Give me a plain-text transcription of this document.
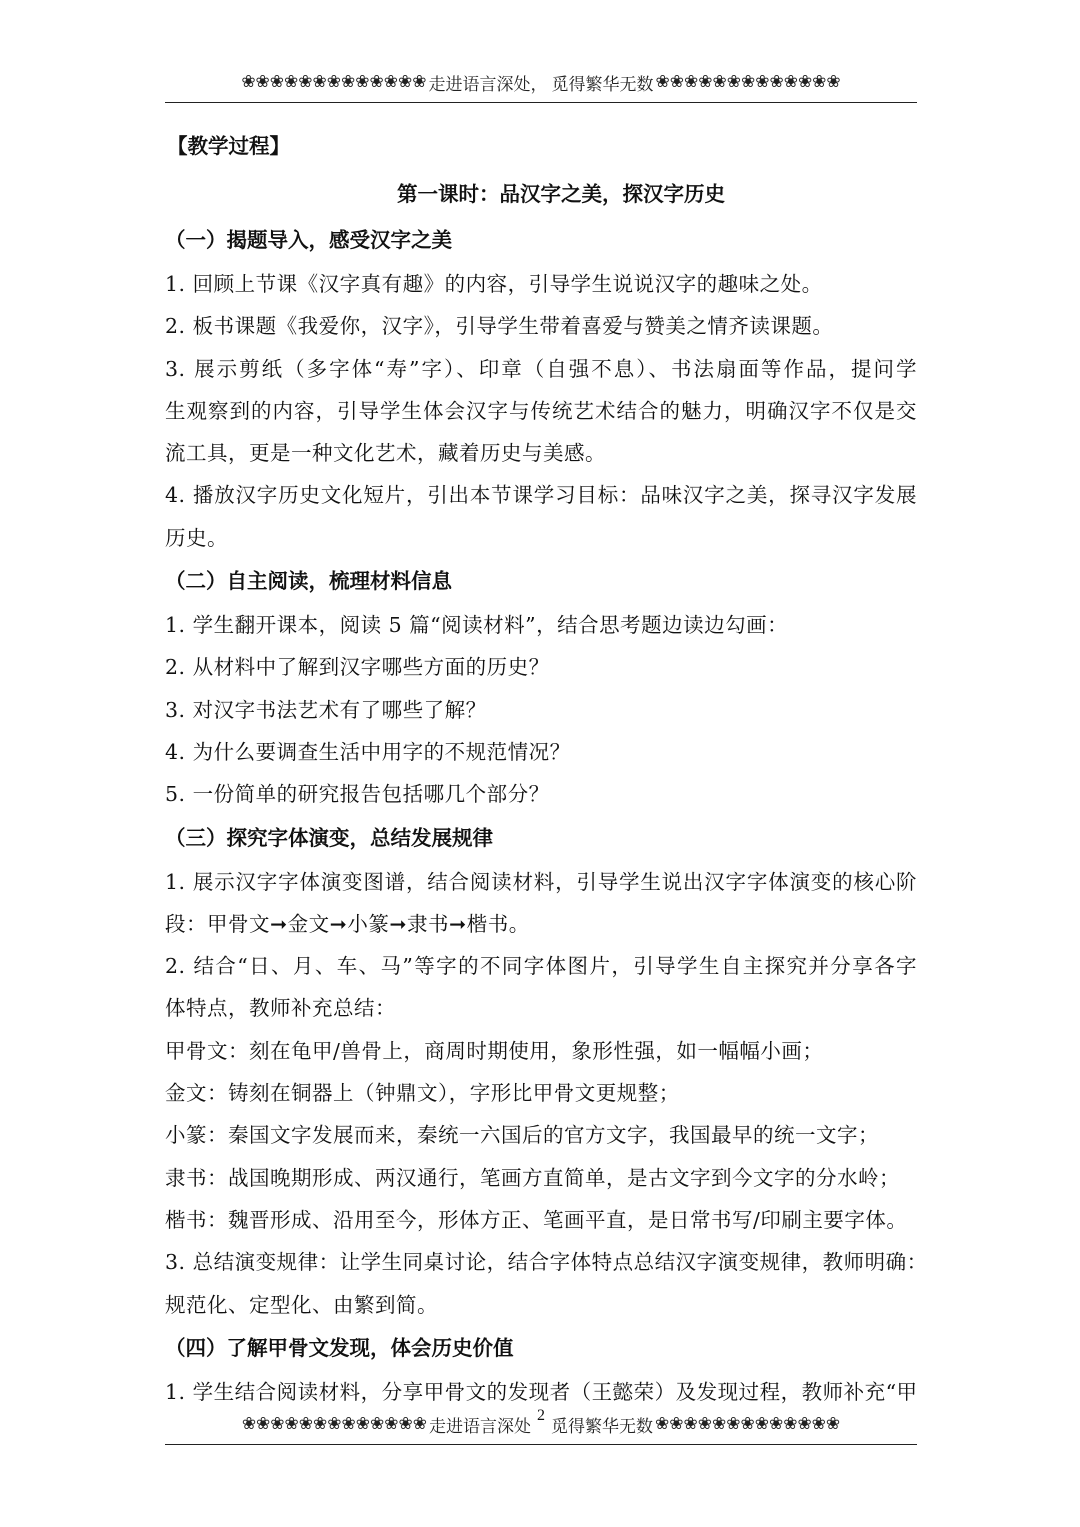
❀❀❀❀❀❀❀❀❀❀❀❀❀ 走进语言深处， 觅得繁华无数 ❀❀❀❀❀❀❀❀❀❀❀❀❀
【教学过程】
第一课时：品汉字之美，探汉字历史
（一）揭题导入，感受汉字之美
1. 回顾上节课《汉字真有趣》的内容，引导学生说说汉字的趣味之处。
2. 板书课题《我爱你，汉字》，引导学生带着喜爱与赞美之情齐读课题。
3. 展示剪纸（多字体“寿”字）、印章（自强不息）、书法扇面等作品，提问学
生观察到的内容，引导学生体会汉字与传统艺术结合的魅力，明确汉字不仅是交
流工具，更是一种文化艺术，藏着历史与美感。
4. 播放汉字历史文化短片，引出本节课学习目标：品味汉字之美，探寻汉字发展
历史。
（二）自主阅读，梳理材料信息
1. 学生翻开课本，阅读 5 篇“阅读材料”，结合思考题边读边勾画：
2. 从材料中了解到汉字哪些方面的历史？
3. 对汉字书法艺术有了哪些了解？
4. 为什么要调查生活中用字的不规范情况？
5. 一份简单的研究报告包括哪几个部分？
（三）探究字体演变，总结发展规律
1. 展示汉字字体演变图谱，结合阅读材料，引导学生说出汉字字体演变的核心阶
段：甲骨文➞金文➞小篆➞隶书➞楷书。
2. 结合“日、月、车、马”等字的不同字体图片，引导学生自主探究并分享各字
体特点，教师补充总结：
甲骨文：刻在龟甲/兽骨上，商周时期使用，象形性强，如一幅幅小画；
金文：铸刻在铜器上（钟鼎文），字形比甲骨文更规整；
小篆：秦国文字发展而来，秦统一六国后的官方文字，我国最早的统一文字；
隶书：战国晚期形成、两汉通行，笔画方直简单，是古文字到今文字的分水岭；
楷书：魏晋形成、沿用至今，形体方正、笔画平直，是日常书写/印刷主要字体。
3. 总结演变规律：让学生同桌讨论，结合字体特点总结汉字演变规律，教师明确：
规范化、定型化、由繁到简。
（四）了解甲骨文发现，体会历史价值
1. 学生结合阅读材料，分享甲骨文的发现者（王懿荣）及发现过程，教师补充“甲
❀❀❀❀❀❀❀❀❀❀❀❀❀ 走进语言深处
2
觅得繁华无数 ❀❀❀❀❀❀❀❀❀❀❀❀❀
